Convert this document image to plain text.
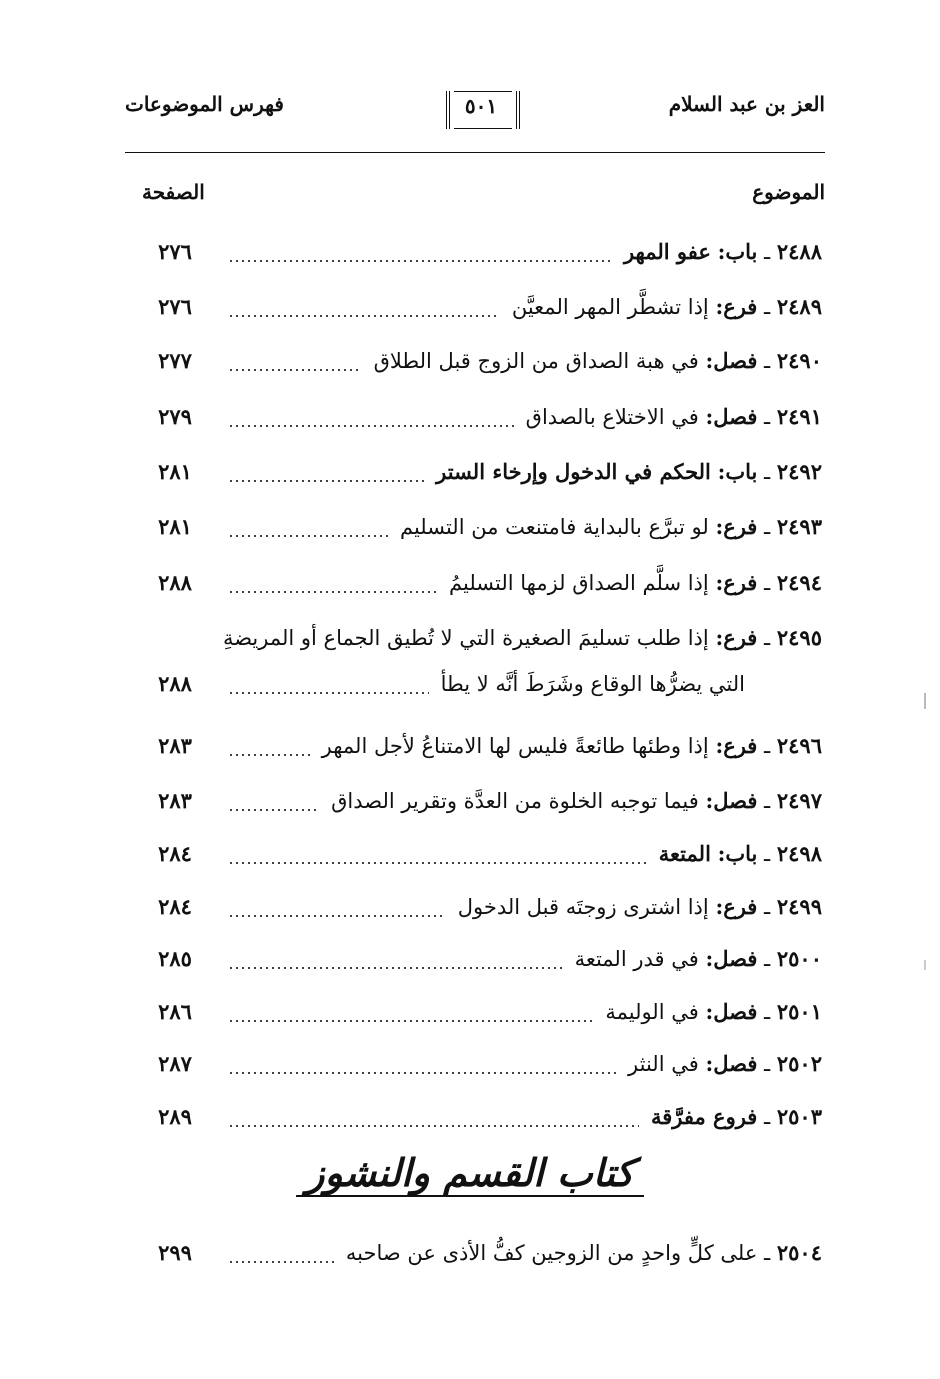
العز بن عبد السلام
٥٠١
فهرس الموضوعات
الموضوع
الصفحة
٢٤٨٨ ـ باب: عفو المهر
٢٧٦
٢٤٨٩ ـ فرع: إذا تشطَّر المهر المعيَّن
٢٧٦
٢٤٩٠ ـ فصل: في هبة الصداق من الزوج قبل الطلاق
٢٧٧
٢٤٩١ ـ فصل: في الاختلاع بالصداق
٢٧٩
٢٤٩٢ ـ باب: الحكم في الدخول وإرخاء الستر
٢٨١
٢٤٩٣ ـ فرع: لو تبرَّع بالبداية فامتنعت من التسليم
٢٨١
٢٤٩٤ ـ فرع: إذا سلَّم الصداق لزمها التسليمُ
٢٨٨
٢٤٩٥ ـ فرع: إذا طلب تسليمَ الصغيرة التي لا تُطيق الجماع أو المريضةِ
التي يضرُّها الوقاع وشَرَطَ أنَّه لا يطأ
٢٨٨
٢٤٩٦ ـ فرع: إذا وطئها طائعةً فليس لها الامتناعُ لأجل المهر
٢٨٣
٢٤٩٧ ـ فصل: فيما توجبه الخلوة من العدَّة وتقرير الصداق
٢٨٣
٢٤٩٨ ـ باب: المتعة
٢٨٤
٢٤٩٩ ـ فرع: إذا اشترى زوجتَه قبل الدخول
٢٨٤
٢٥٠٠ ـ فصل: في قدر المتعة
٢٨٥
٢٥٠١ ـ فصل: في الوليمة
٢٨٦
٢٥٠٢ ـ فصل: في النثر
٢٨٧
٢٥٠٣ ـ فروع مفرَّقة
٢٨٩
كتاب القسم والنشوز
٢٥٠٤ ـ على كلٍّ واحدٍ من الزوجين كفُّ الأذى عن صاحبه
٢٩٩
